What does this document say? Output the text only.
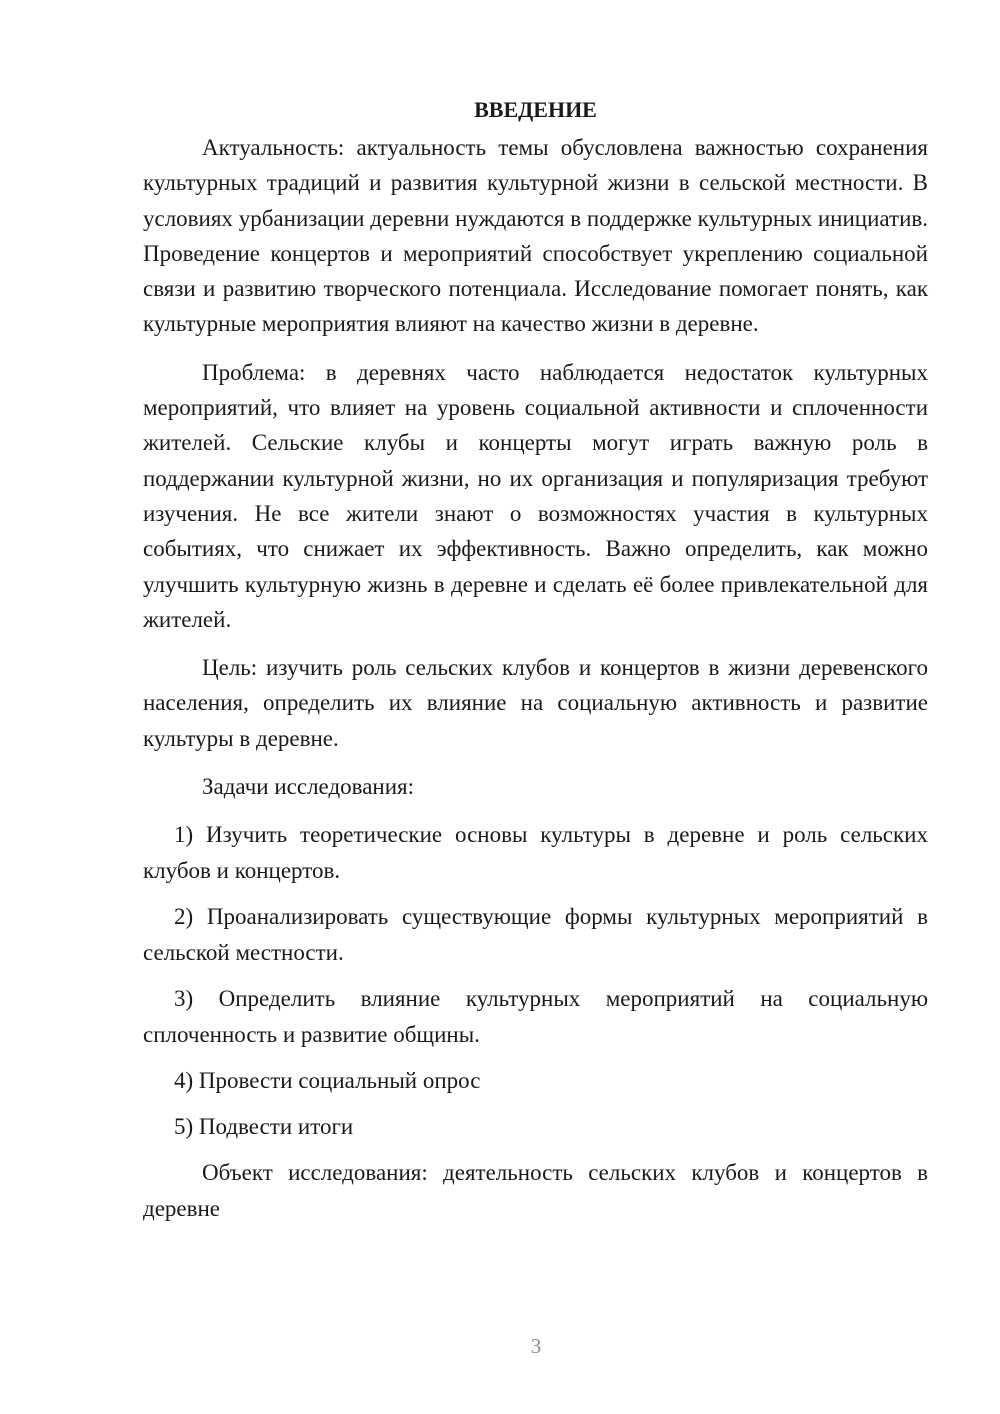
ВВЕДЕНИЕ

Актуальность: актуальность темы обусловлена важностью сохранения культурных традиций и развития культурной жизни в сельской местности. В условиях урбанизации деревни нуждаются в поддержке культурных инициатив. Проведение концертов и мероприятий способствует укреплению социальной связи и развитию творческого потенциала. Исследование помогает понять, как культурные мероприятия влияют на качество жизни в деревне.

Проблема: в деревнях часто наблюдается недостаток культурных мероприятий, что влияет на уровень социальной активности и сплоченности жителей. Сельские клубы и концерты могут играть важную роль в поддержании культурной жизни, но их организация и популяризация требуют изучения. Не все жители знают о возможностях участия в культурных событиях, что снижает их эффективность. Важно определить, как можно улучшить культурную жизнь в деревне и сделать её более привлекательной для жителей.

Цель: изучить роль сельских клубов и концертов в жизни деревенского населения, определить их влияние на социальную активность и развитие культуры в деревне.

Задачи исследования:

1) Изучить теоретические основы культуры в деревне и роль сельских клубов и концертов.

2) Проанализировать существующие формы культурных мероприятий в сельской местности.

3) Определить влияние культурных мероприятий на социальную сплоченность и развитие общины.

4) Провести социальный опрос

5) Подвести итоги

Объект исследования: деятельность сельских клубов и концертов в деревне

3
